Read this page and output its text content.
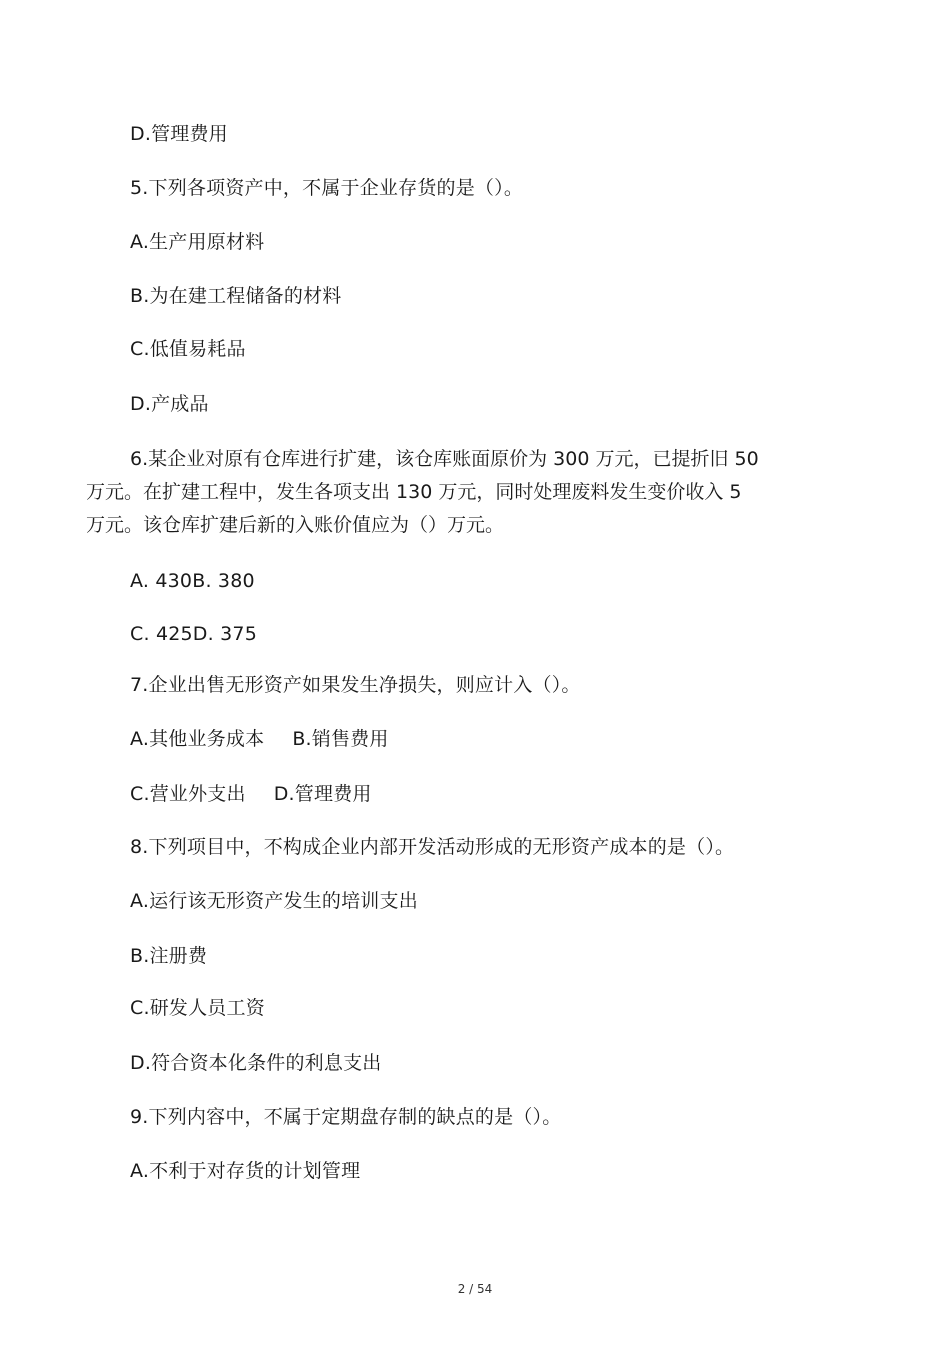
D.管理费用
5.下列各项资产中，不属于企业存货的是（）。
A.生产用原材料
B.为在建工程储备的材料
C.低值易耗品
D.产成品
6.某企业对原有仓库进行扩建，该仓库账面原价为 300 万元，已提折旧 50
万元。在扩建工程中，发生各项支出 130 万元，同时处理废料发生变价收入 5
万元。该仓库扩建后新的入账价值应为（）万元。
A. 430B. 380
C. 425D. 375
7.企业出售无形资产如果发生净损失，则应计入（）。
A.其他业务成本 B.销售费用
C.营业外支出 D.管理费用
8.下列项目中，不构成企业内部开发活动形成的无形资产成本的是（）。
A.运行该无形资产发生的培训支出
B.注册费
C.研发人员工资
D.符合资本化条件的利息支出
9.下列内容中，不属于定期盘存制的缺点的是（）。
A.不利于对存货的计划管理
2 / 54
